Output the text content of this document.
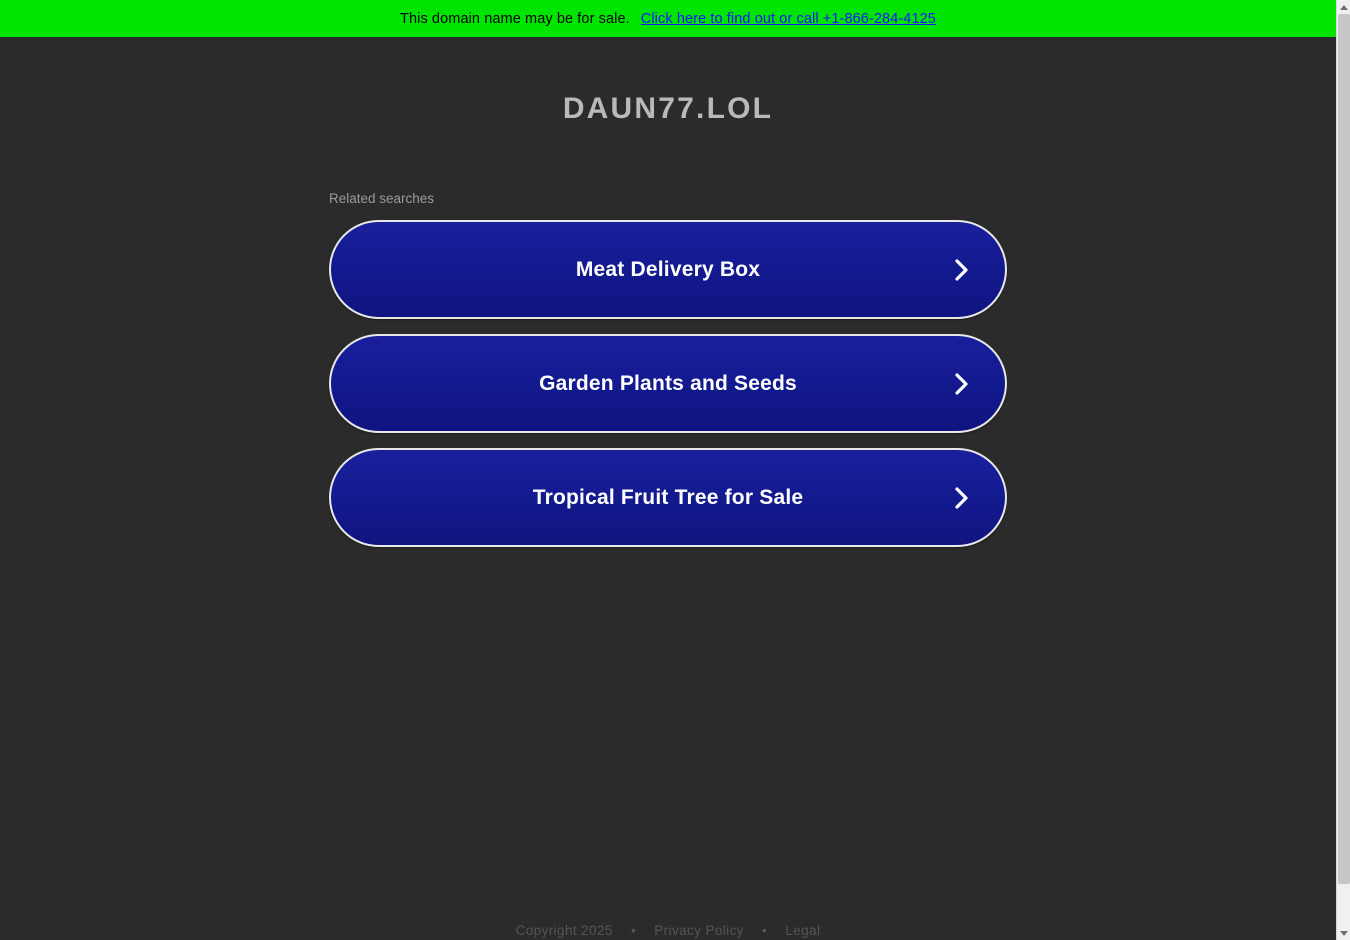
This domain name may be for sale. Click here to find out or call +1-866-284-4125
DAUN77.LOL
Related searches
Meat Delivery Box
Garden Plants and Seeds
Tropical Fruit Tree for Sale
Copyright 2025 • Privacy Policy • Legal
